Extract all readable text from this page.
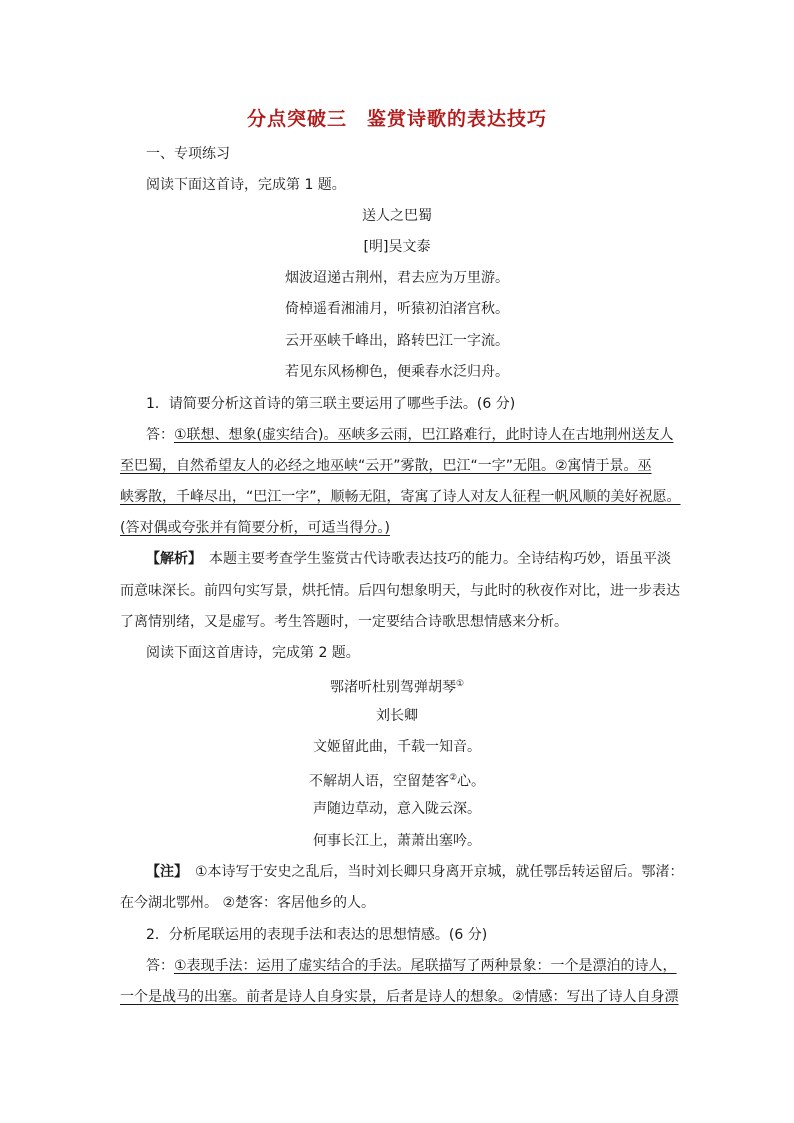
分点突破三　鉴赏诗歌的表达技巧
一、专项练习
阅读下面这首诗，完成第 1 题。
送人之巴蜀
[明]吴文泰
烟波迢递古荆州，君去应为万里游。
倚棹遥看湘浦月，听猿初泊渚宫秋。
云开巫峡千峰出，路转巴江一字流。
若见东风杨柳色，便乘春水泛归舟。
1．请简要分析这首诗的第三联主要运用了哪些手法。(6 分)
答：①联想、想象(虚实结合)。巫峡多云雨，巴江路难行，此时诗人在古地荆州送友人
至巴蜀，自然希望友人的必经之地巫峡“云开”雾散，巴江“一字”无阻。②寓情于景。巫
峡雾散，千峰尽出，“巴江一字”，顺畅无阻，寄寓了诗人对友人征程一帆风顺的美好祝愿。
(答对偶或夸张并有简要分析，可适当得分。)
【解析】　本题主要考查学生鉴赏古代诗歌表达技巧的能力。全诗结构巧妙，语虽平淡
而意味深长。前四句实写景，烘托情。后四句想象明天，与此时的秋夜作对比，进一步表达
了离情别绪，又是虚写。考生答题时，一定要结合诗歌思想情感来分析。
阅读下面这首唐诗，完成第 2 题。
鄂渚听杜别驾弹胡琴①
刘长卿
文姬留此曲，千载一知音。
不解胡人语，空留楚客②心。
声随边草动，意入陇云深。
何事长江上，萧萧出塞吟。
【注】　①本诗写于安史之乱后，当时刘长卿只身离开京城，就任鄂岳转运留后。鄂渚：
在今湖北鄂州。 ②楚客：客居他乡的人。
2．分析尾联运用的表现手法和表达的思想情感。(6 分)
答：①表现手法：运用了虚实结合的手法。尾联描写了两种景象：一个是漂泊的诗人，
一个是战马的出塞。前者是诗人自身实景，后者是诗人的想象。②情感：写出了诗人自身漂
